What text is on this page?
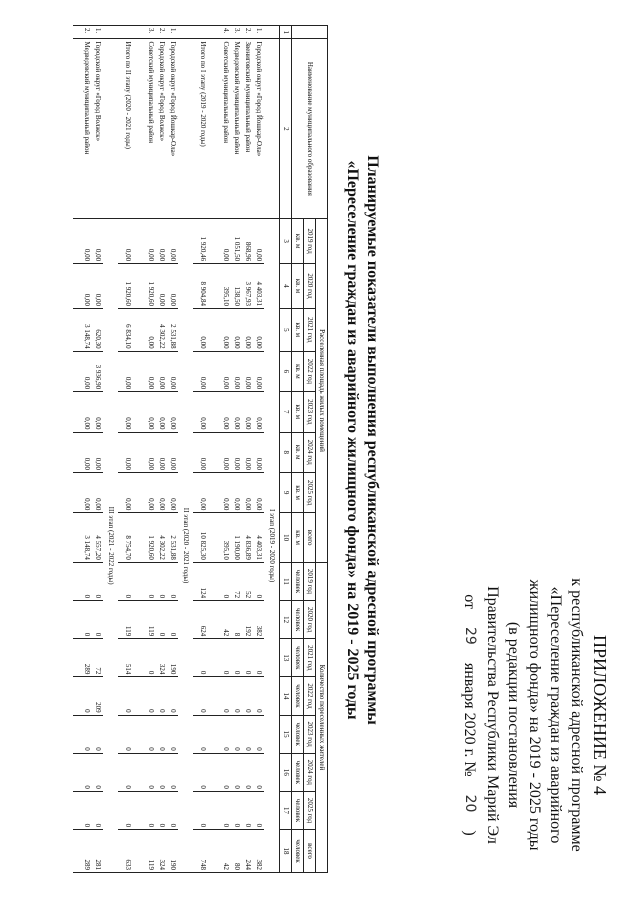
ПРИЛОЖЕНИЕ № 4
к республиканской адресной программе
«Переселение граждан из аварийного
жилищного фонда» на 2019 - 2025 годы
(в редакции постановления
Правительства Республики Марий Эл
от
29
января 2020 г. №
20
)
Планируемые показатели выполнения республиканской адресной программы
«Переселение граждан из аварийного жилищного фонда» на 2019 - 2025 годы
	Наименование муниципального образования	Расселенная площадь жилых помещений								Количество переселенных жителей							
		2019 год	2020 год	2021 год	2022 год	2023 год	2024 год	2025 год	всего	2019 год	2020 год	2021 год	2022 год	2023 год	2024 год	2025 год	всего
		кв. м	кв. м	кв. м	кв. м	кв. м	кв. м	кв. м	кв. м	человек	человек	человек	человек	человек	человек	человек	человек
1	2	3	4	5	6	7	8	9	10	11	12	13	14	15	16	17	18
		I этап (2019 - 2020 годы)															
1.	Городской округ «Город Йошкар-Ола»	0,00	4 403,31	0,00	0,00	0,00	0,00	0,00	4 403,31	0	382	0	0	0	0	0	382
2.	Звениговский муниципальный район	868,96	3 967,93	0,00	0,00	0,00	0,00	0,00	4 836,89	52	192	0	0	0	0	0	244
3.	Медведевский муниципальный район	1 051,50	138,50	0,00	0,00	0,00	0,00	0,00	1 190,00	72	8	0	0	0	0	0	80
4.	Советский муниципальный район	0,00	395,10	0,00	0,00	0,00	0,00	0,00	395,10	0	42	0	0	0	0	0	42

	Итого по I этапу (2019 - 2020 годы)	1 920,46	8 904,84	0,00	0,00	0,00	0,00	0,00	10 825,30	124	624	0	0	0	0	0	748
		II этап (2020 - 2021 годы)															
1.	Городской округ «Город Йошкар-Ола»	0,00	0,00	2 531,88	0,00	0,00	0,00	0,00	2 531,88	0	0	190	0	0	0	0	190
2.	Городской округ «Город Волжск»	0,00	0,00	4 302,22	0,00	0,00	0,00	0,00	4 302,22	0	0	324	0	0	0	0	324
3.	Советский муниципальный район	0,00	1 920,60	0,00	0,00	0,00	0,00	0,00	1 920,60	0	119	0	0	0	0	0	119

	Итого по II этапу (2020 - 2021 годы)	0,00	1 920,60	6 834,10	0,00	0,00	0,00	0,00	8 754,70	0	119	514	0	0	0	0	633
		III этап (2021 - 2022 годы)															
1.	Городской округ «Город Волжск»	0,00	0,00	620,30	3 936,90	0,00	0,00	0,00	4 557,20	0	0	72	209	0	0	0	281
2.	Медведевский муниципальный район	0,00	0,00	3 148,74	0,00	0,00	0,00	0,00	3 148,74	0	0	289	0	0	0	0	289
